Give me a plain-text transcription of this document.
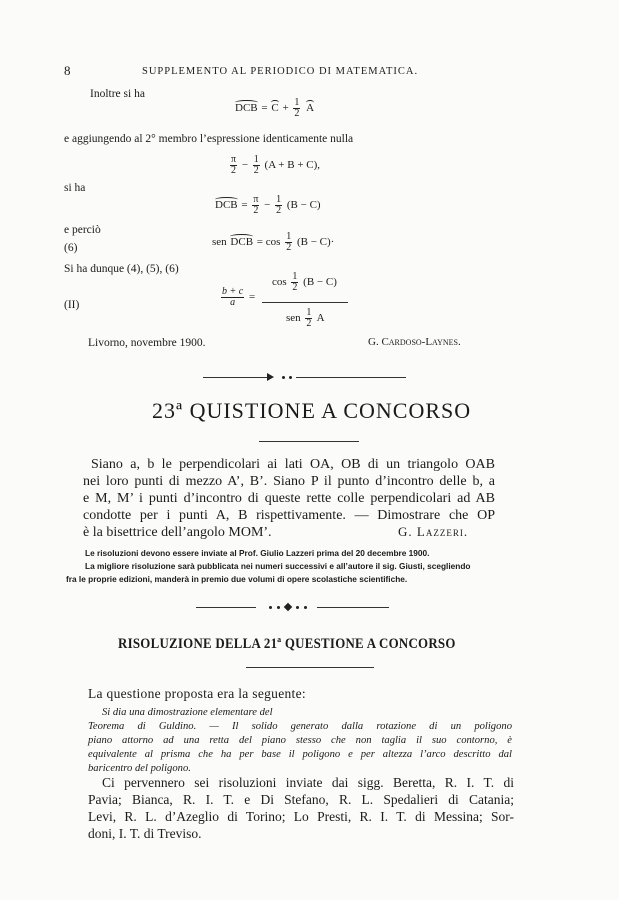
8	SUPPLEMENTO AL PERIODICO DI MATEMATICA.
Inoltre si ha
DCB = $C + \frac{1}{2}$ A
e aggiungendo al 2° membro l’espressione identicamente nulla
$\frac{\pi}{2} - \frac{1}{2} (A + B + C)$,
si ha
DCB = $\frac{\pi}{2} - \frac{1}{2} (B - C)$
e perciò
(6)	sen DCB = $\cos \frac{1}{2} (B - C)\cdot$
Si ha dunque (4), (5), (6)
(II)	$\frac{b + c}{a}$ =
$\cos \frac{1}{2} (B - C)$
sen $\frac{1}{2}$ A
Livorno, novembre 1900.	G. Cardoso-Laynes.
23ª QUISTIONE A CONCORSO
Siano a, b le perpendicolari ai lati OA, OB di un triangolo OAB
nei loro punti di mezzo A’, B’. Siano P il punto d’incontro delle b, a
e M, M’ i punti d’incontro di queste rette colle perpendicolari ad AB
condotte per i punti A, B rispettivamente. — Dimostrare che OP
è la bisettrice dell’angolo MOM’.	G. Lazzeri.
Le risoluzioni devono essere inviate al Prof. Giulio Lazzeri prima del 20 decembre 1900.
La migliore risoluzione sarà pubblicata nei numeri successivi e all’autore il sig. Giusti, scegliendo
fra le proprie edizioni, manderà in premio due volumi di opere scolastiche scientifiche.
RISOLUZIONE DELLA 21ª QUESTIONE A CONCORSO
La questione proposta era la seguente:
Si dia una dimostrazione elementare del
Teorema di Guldino. — Il solido generato dalla rotazione di un poligono
piano attorno ad una retta del piano stesso che non taglia il suo contorno, è
equivalente al prisma che ha per base il poligono e per altezza l’arco descritto dal
baricentro del poligono.
Ci pervennero sei risoluzioni inviate dai sigg. Beretta, R. I. T. di
Pavia; Bianca, R. I. T. e Di Stefano, R. L. Spedalieri di Catania;
Levi, R. L. d’Azeglio di Torino; Lo Presti, R. I. T. di Messina; Sor-
doni, I. T. di Treviso.
